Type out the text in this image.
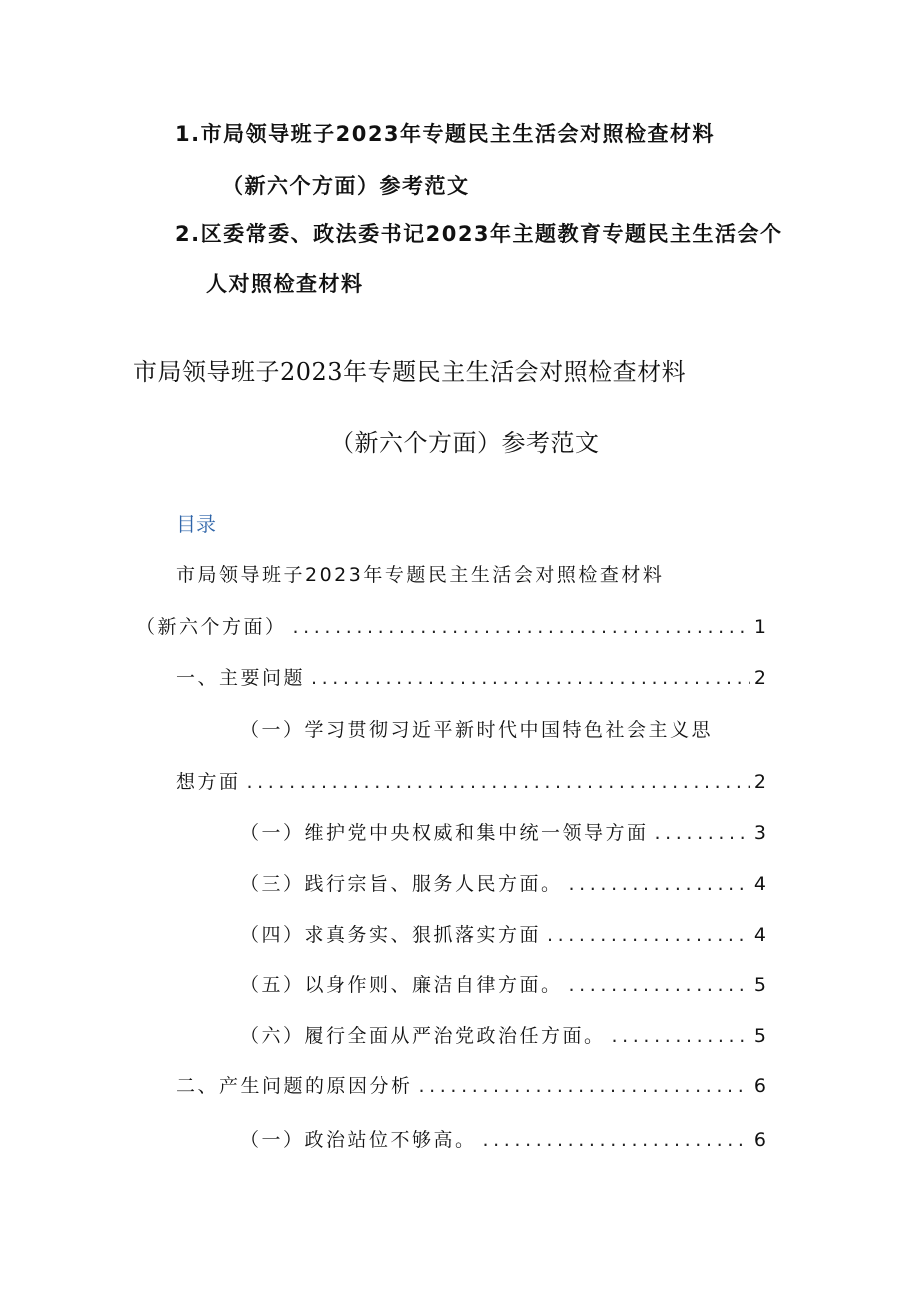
1.市局领导班子2023年专题民主生活会对照检查材料
（新六个方面）参考范文
2.区委常委、政法委书记2023年主题教育专题民主生活会个
人对照检查材料
市局领导班子2023年专题民主生活会对照检查材料
（新六个方面）参考范文
目录
市局领导班子2023年专题民主生活会对照检查材料
（新六个方面） .....	1
一、主要问题 .....	2
（一）学习贯彻习近平新时代中国特色社会主义思
想方面 .....	2
（一）维护党中央权威和集中统一领导方面 .....	3
（三）践行宗旨、服务人民方面。 .....	4
（四）求真务实、狠抓落实方面 .....	4
（五）以身作则、廉洁自律方面。 .....	5
（六）履行全面从严治党政治任方面。 .....	5
二、产生问题的原因分析 .....	6
（一）政治站位不够高。 .....	6
